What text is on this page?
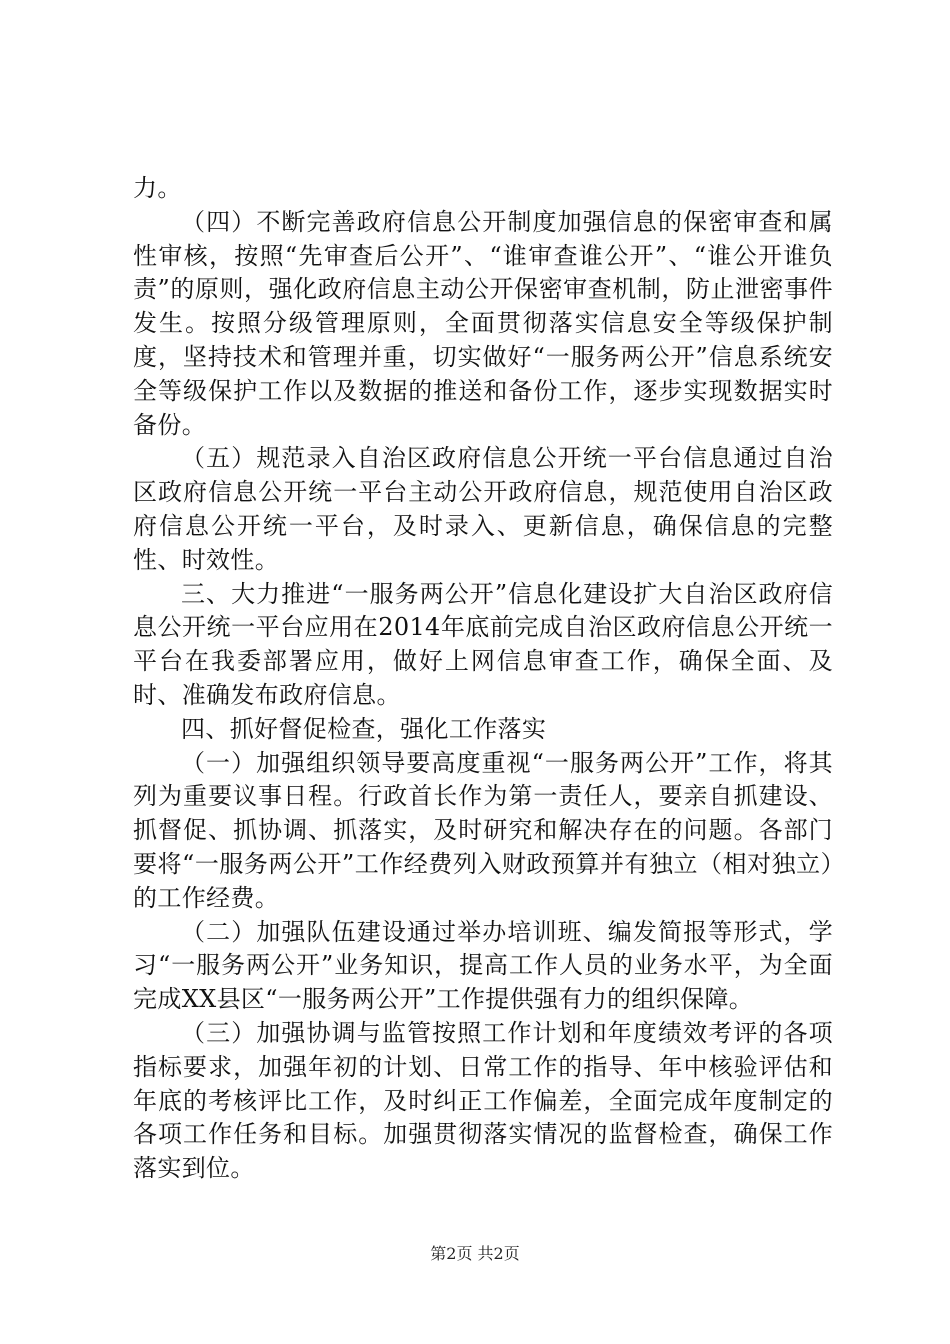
力。

（四）不断完善政府信息公开制度加强信息的保密审查和属性审核，按照“先审查后公开”、“谁审查谁公开”、“谁公开谁负责”的原则，强化政府信息主动公开保密审查机制，防止泄密事件发生。按照分级管理原则，全面贯彻落实信息安全等级保护制度，坚持技术和管理并重，切实做好“一服务两公开”信息系统安全等级保护工作以及数据的推送和备份工作，逐步实现数据实时备份。

（五）规范录入自治区政府信息公开统一平台信息通过自治区政府信息公开统一平台主动公开政府信息，规范使用自治区政府信息公开统一平台，及时录入、更新信息，确保信息的完整性、时效性。

三、大力推进“一服务两公开”信息化建设扩大自治区政府信息公开统一平台应用在2014年底前完成自治区政府信息公开统一平台在我委部署应用，做好上网信息审查工作，确保全面、及时、准确发布政府信息。

四、抓好督促检查，强化工作落实

（一）加强组织领导要高度重视“一服务两公开”工作，将其列为重要议事日程。行政首长作为第一责任人，要亲自抓建设、抓督促、抓协调、抓落实，及时研究和解决存在的问题。各部门要将“一服务两公开”工作经费列入财政预算并有独立（相对独立）的工作经费。

（二）加强队伍建设通过举办培训班、编发简报等形式，学习“一服务两公开”业务知识，提高工作人员的业务水平，为全面完成XX县区“一服务两公开”工作提供强有力的组织保障。

（三）加强协调与监管按照工作计划和年度绩效考评的各项指标要求，加强年初的计划、日常工作的指导、年中核验评估和年底的考核评比工作，及时纠正工作偏差，全面完成年度制定的各项工作任务和目标。加强贯彻落实情况的监督检查，确保工作落实到位。

第2页 共2页
